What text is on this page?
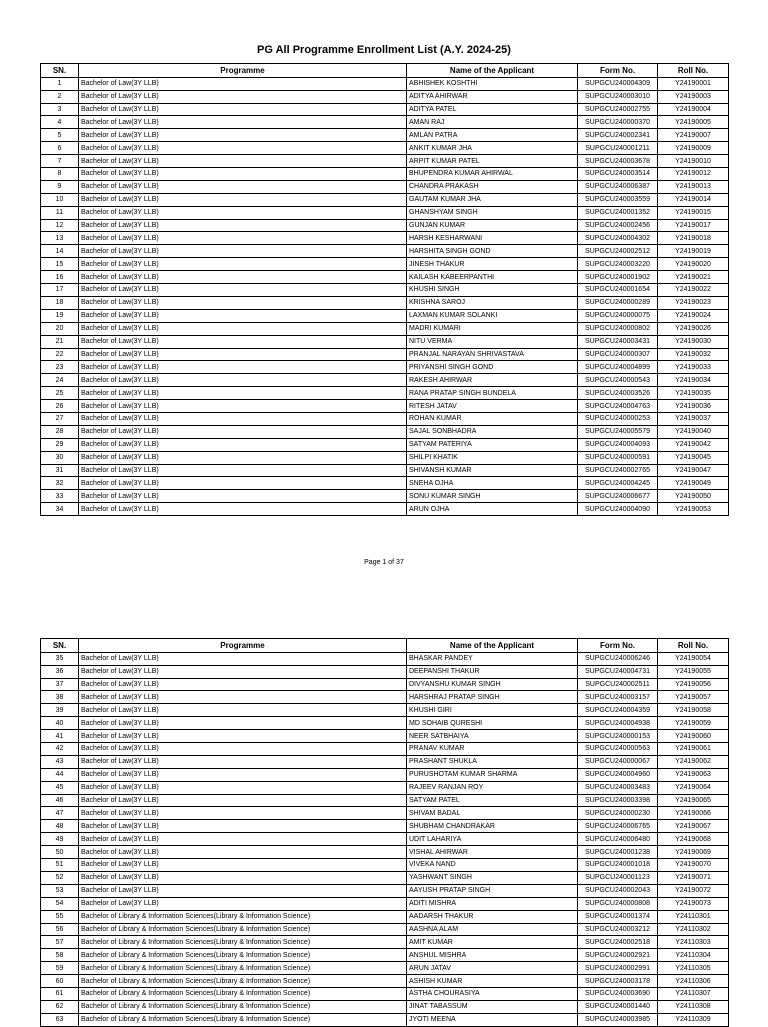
PG All Programme Enrollment List (A.Y. 2024-25)
SN.	Programme	Name of the Applicant	Form No.	Roll No.
1	Bachelor of Law(3Y LLB)	ABHISHEK KOSHTHI	SUPGCU240004309	Y24190001
2	Bachelor of Law(3Y LLB)	ADITYA AHIRWAR	SUPGCU240003010	Y24190003
3	Bachelor of Law(3Y LLB)	ADITYA PATEL	SUPGCU240002755	Y24190004
4	Bachelor of Law(3Y LLB)	AMAN RAJ	SUPGCU240000370	Y24190005
5	Bachelor of Law(3Y LLB)	AMLAN PATRA	SUPGCU240002341	Y24190007
6	Bachelor of Law(3Y LLB)	ANKIT KUMAR JHA	SUPGCU240001211	Y24190009
7	Bachelor of Law(3Y LLB)	ARPIT KUMAR PATEL	SUPGCU240003678	Y24190010
8	Bachelor of Law(3Y LLB)	BHUPENDRA KUMAR AHIRWAL	SUPGCU240003514	Y24190012
9	Bachelor of Law(3Y LLB)	CHANDRA PRAKASH	SUPGCU240006387	Y24190013
10	Bachelor of Law(3Y LLB)	GAUTAM KUMAR JHA	SUPGCU240003559	Y24190014
11	Bachelor of Law(3Y LLB)	GHANSHYAM SINGH	SUPGCU240001352	Y24190015
12	Bachelor of Law(3Y LLB)	GUNJAN KUMAR	SUPGCU240002456	Y24190017
13	Bachelor of Law(3Y LLB)	HARSH KESHARWANI	SUPGCU240004302	Y24190018
14	Bachelor of Law(3Y LLB)	HARSHITA SINGH GOND	SUPGCU240002512	Y24190019
15	Bachelor of Law(3Y LLB)	JINESH THAKUR	SUPGCU240003220	Y24190020
16	Bachelor of Law(3Y LLB)	KAILASH KABEERPANTHI	SUPGCU240001902	Y24190021
17	Bachelor of Law(3Y LLB)	KHUSHI SINGH	SUPGCU240001654	Y24190022
18	Bachelor of Law(3Y LLB)	KRISHNA SAROJ	SUPGCU240000289	Y24190023
19	Bachelor of Law(3Y LLB)	LAXMAN KUMAR SOLANKI	SUPGCU240000075	Y24190024
20	Bachelor of Law(3Y LLB)	MADRI KUMARI	SUPGCU240000802	Y24190026
21	Bachelor of Law(3Y LLB)	NITU VERMA	SUPGCU240003431	Y24190030
22	Bachelor of Law(3Y LLB)	PRANJAL NARAYAN SHRIVASTAVA	SUPGCU240000307	Y24190032
23	Bachelor of Law(3Y LLB)	PRIYANSHI SINGH GOND	SUPGCU240004899	Y24190033
24	Bachelor of Law(3Y LLB)	RAKESH AHIRWAR	SUPGCU240000543	Y24190034
25	Bachelor of Law(3Y LLB)	RANA PRATAP SINGH BUNDELA	SUPGCU240003526	Y24190035
26	Bachelor of Law(3Y LLB)	RITESH JATAV	SUPGCU240004763	Y24190036
27	Bachelor of Law(3Y LLB)	ROHAN KUMAR	SUPGCU240000253	Y24190037
28	Bachelor of Law(3Y LLB)	SAJAL SONBHADRA	SUPGCU240005579	Y24190040
29	Bachelor of Law(3Y LLB)	SATYAM PATERIYA	SUPGCU240004093	Y24190042
30	Bachelor of Law(3Y LLB)	SHILPI KHATIK	SUPGCU240000591	Y24190045
31	Bachelor of Law(3Y LLB)	SHIVANSH KUMAR	SUPGCU240002765	Y24190047
32	Bachelor of Law(3Y LLB)	SNEHA OJHA	SUPGCU240004245	Y24190049
33	Bachelor of Law(3Y LLB)	SONU KUMAR SINGH	SUPGCU240006677	Y24190050
34	Bachelor of Law(3Y LLB)	ARUN OJHA	SUPGCU240004090	Y24190053
Page 1 of 37
SN.	Programme	Name of the Applicant	Form No.	Roll No.
35	Bachelor of Law(3Y LLB)	BHASKAR PANDEY	SUPGCU240006246	Y24190054
36	Bachelor of Law(3Y LLB)	DEEPANSHI THAKUR	SUPGCU240004731	Y24190055
37	Bachelor of Law(3Y LLB)	DIVYANSHU KUMAR SINGH	SUPGCU240002511	Y24190056
38	Bachelor of Law(3Y LLB)	HARSHRAJ PRATAP SINGH	SUPGCU240003157	Y24190057
39	Bachelor of Law(3Y LLB)	KHUSHI GIRI	SUPGCU240004359	Y24190058
40	Bachelor of Law(3Y LLB)	MD SOHAIB QURESHI	SUPGCU240004938	Y24190059
41	Bachelor of Law(3Y LLB)	NEER SATBHAIYA	SUPGCU240000153	Y24190060
42	Bachelor of Law(3Y LLB)	PRANAV KUMAR	SUPGCU240000563	Y24190061
43	Bachelor of Law(3Y LLB)	PRASHANT SHUKLA	SUPGCU240000067	Y24190062
44	Bachelor of Law(3Y LLB)	PURUSHOTAM KUMAR SHARMA	SUPGCU240004960	Y24190063
45	Bachelor of Law(3Y LLB)	RAJEEV RANJAN ROY	SUPGCU240003483	Y24190064
46	Bachelor of Law(3Y LLB)	SATYAM PATEL	SUPGCU240003398	Y24190065
47	Bachelor of Law(3Y LLB)	SHIVAM BADAL	SUPGCU240000230	Y24190066
48	Bachelor of Law(3Y LLB)	SHUBHAM CHANDRAKAR	SUPGCU240006765	Y24190067
49	Bachelor of Law(3Y LLB)	UDIT LAHARIYA	SUPGCU240006480	Y24190068
50	Bachelor of Law(3Y LLB)	VISHAL AHIRWAR	SUPGCU240001238	Y24190069
51	Bachelor of Law(3Y LLB)	VIVEKA NAND	SUPGCU240001018	Y24190070
52	Bachelor of Law(3Y LLB)	YASHWANT SINGH	SUPGCU240001123	Y24190071
53	Bachelor of Law(3Y LLB)	AAYUSH PRATAP SINGH	SUPGCU240002043	Y24190072
54	Bachelor of Law(3Y LLB)	ADITI MISHRA	SUPGCU240000808	Y24190073
55	Bachelor of Library & Information Sciences(Library & Information Science)	AADARSH THAKUR	SUPGCU240001374	Y24110301
56	Bachelor of Library & Information Sciences(Library & Information Science)	AASHNA ALAM	SUPGCU240003212	Y24110302
57	Bachelor of Library & Information Sciences(Library & Information Science)	AMIT KUMAR	SUPGCU240002518	Y24110303
58	Bachelor of Library & Information Sciences(Library & Information Science)	ANSHUL MISHRA	SUPGCU240002921	Y24110304
59	Bachelor of Library & Information Sciences(Library & Information Science)	ARUN JATAV	SUPGCU240002991	Y24110305
60	Bachelor of Library & Information Sciences(Library & Information Science)	ASHISH KUMAR	SUPGCU240003178	Y24110306
61	Bachelor of Library & Information Sciences(Library & Information Science)	ASTHA CHOURASIYA	SUPGCU240003690	Y24110307
62	Bachelor of Library & Information Sciences(Library & Information Science)	JINAT TABASSUM	SUPGCU240001440	Y24110308
63	Bachelor of Library & Information Sciences(Library & Information Science)	JYOTI MEENA	SUPGCU240003985	Y24110309
